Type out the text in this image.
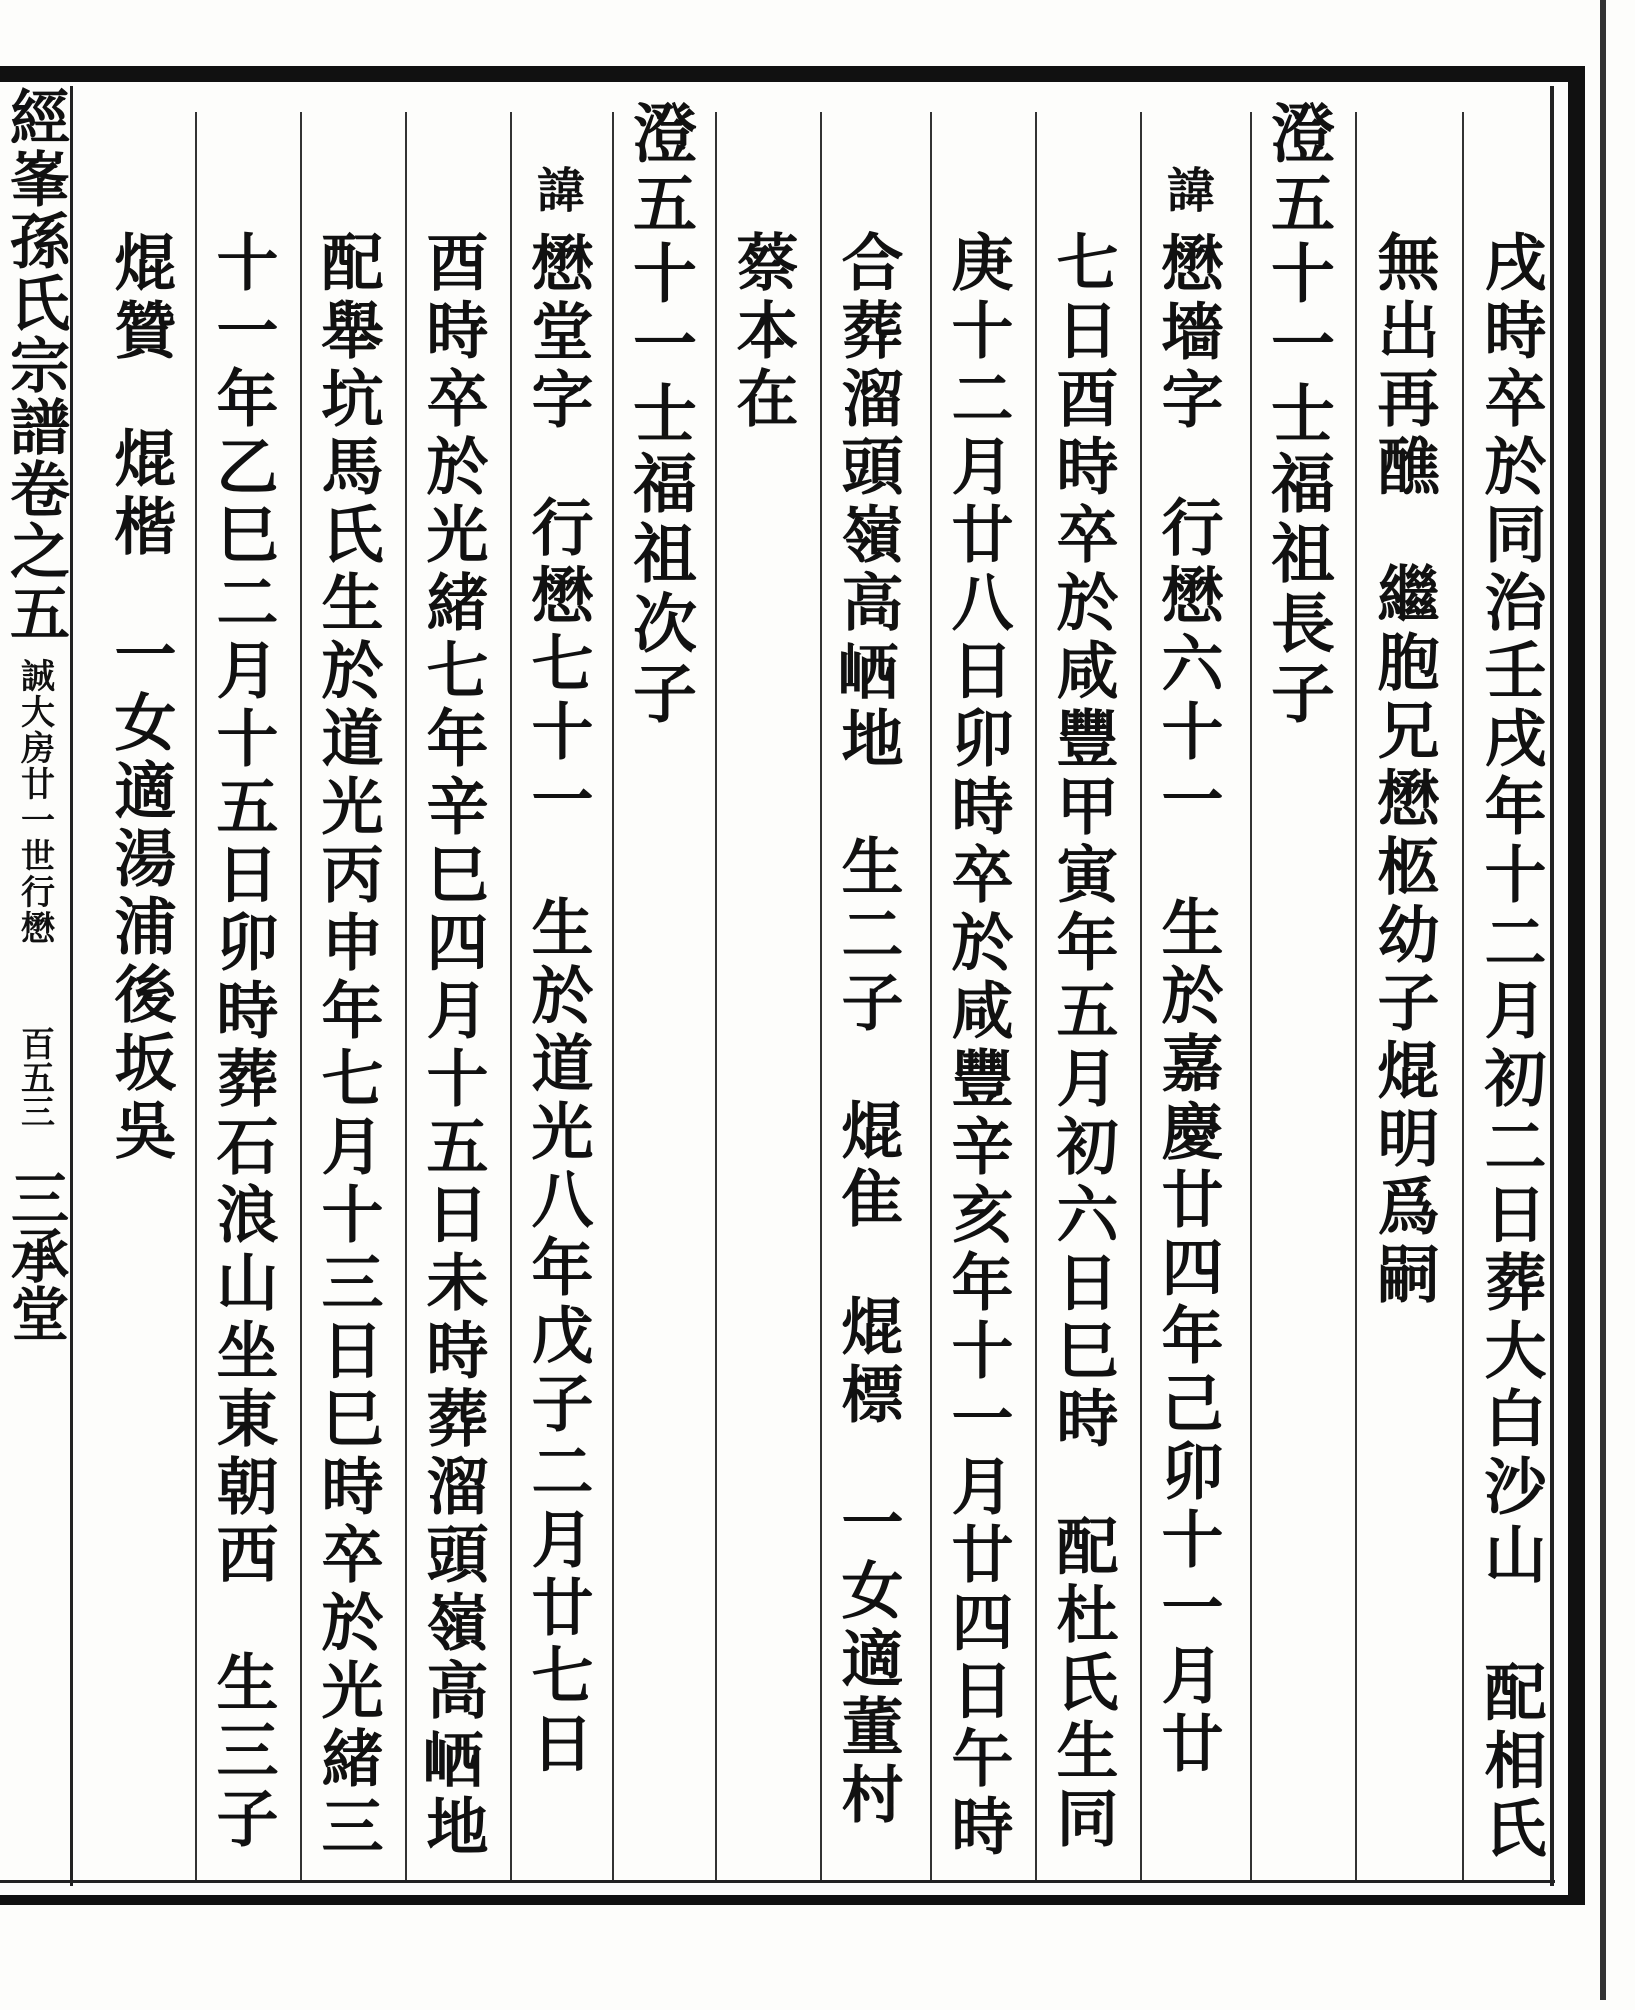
經峯孫氏宗譜卷之五
誠大房廿一世行懋
百五三
三承堂	戌時卒於同治壬戌年十二月初二日葬大白沙山
配相氏
無出再醮
繼胞兄懋柩幼子焜明爲嗣
澄五十一士福祖長子
諱
懋墻字
行懋六十一
生於嘉慶廿四年己卯十一月廿
七日酉時卒於咸豐甲寅年五月初六日巳時
配杜氏生同
庚十二月廿八日卯時卒於咸豐辛亥年十一月廿四日午時
合葬溜頭嶺高𡶼地
生二子
焜隹
焜標
一女適董村
蔡本在
澄五十一士福祖次子
諱
懋堂字
行懋七十一
生於道光八年戊子二月廿七日
酉時卒於光緒七年辛巳四月十五日未時葬溜頭嶺高𡶼地
配舉坑馬氏生於道光丙申年七月十三日巳時卒於光緒三
十一年乙巳二月十五日卯時葬石浪山坐東朝西
生三子
焜贊
焜楷
一女適湯浦後坂吳
